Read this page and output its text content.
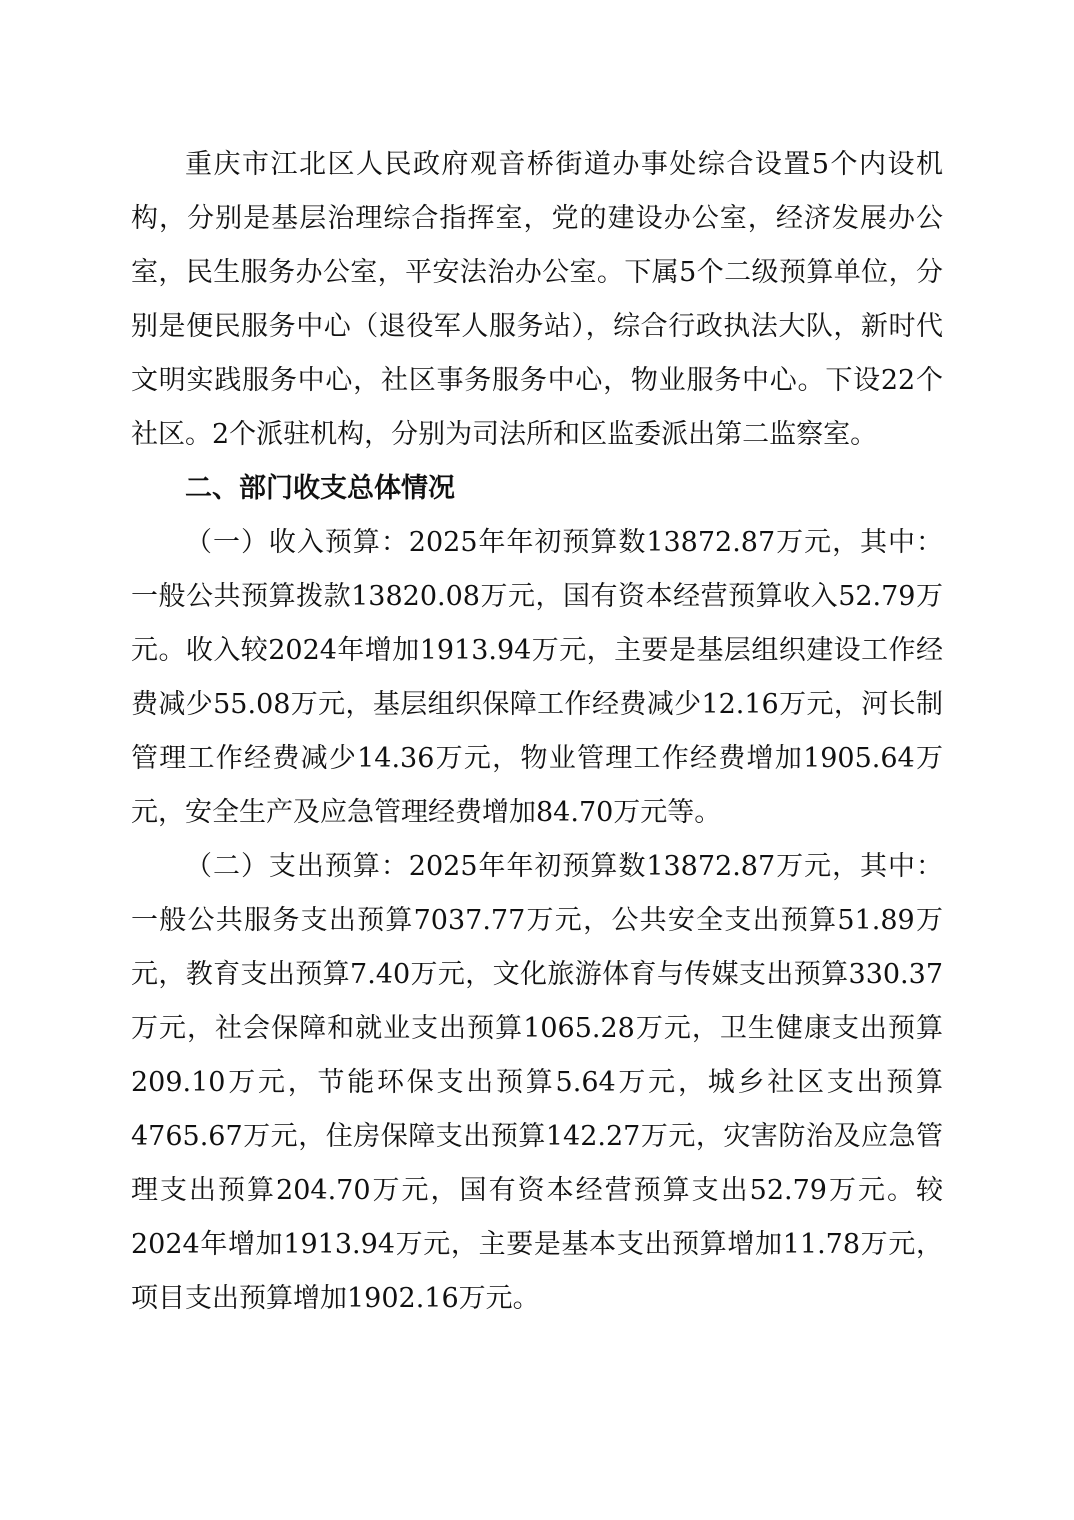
重庆市江北区人民政府观音桥街道办事处综合设置5个内设机构，分别是基层治理综合指挥室，党的建设办公室，经济发展办公室，民生服务办公室，平安法治办公室。下属5个二级预算单位，分别是便民服务中心（退役军人服务站），综合行政执法大队，新时代文明实践服务中心，社区事务服务中心，物业服务中心。下设22个社区。2个派驻机构，分别为司法所和区监委派出第二监察室。

二、部门收支总体情况

（一）收入预算：2025年年初预算数13872.87万元，其中：一般公共预算拨款13820.08万元，国有资本经营预算收入52.79万元。收入较2024年增加1913.94万元，主要是基层组织建设工作经费减少55.08万元，基层组织保障工作经费减少12.16万元，河长制管理工作经费减少14.36万元，物业管理工作经费增加1905.64万元，安全生产及应急管理经费增加84.70万元等。

（二）支出预算：2025年年初预算数13872.87万元，其中：一般公共服务支出预算7037.77万元，公共安全支出预算51.89万元，教育支出预算7.40万元，文化旅游体育与传媒支出预算330.37万元，社会保障和就业支出预算1065.28万元，卫生健康支出预算209.10万元，节能环保支出预算5.64万元，城乡社区支出预算4765.67万元，住房保障支出预算142.27万元，灾害防治及应急管理支出预算204.70万元，国有资本经营预算支出52.79万元。较2024年增加1913.94万元，主要是基本支出预算增加11.78万元，项目支出预算增加1902.16万元。
